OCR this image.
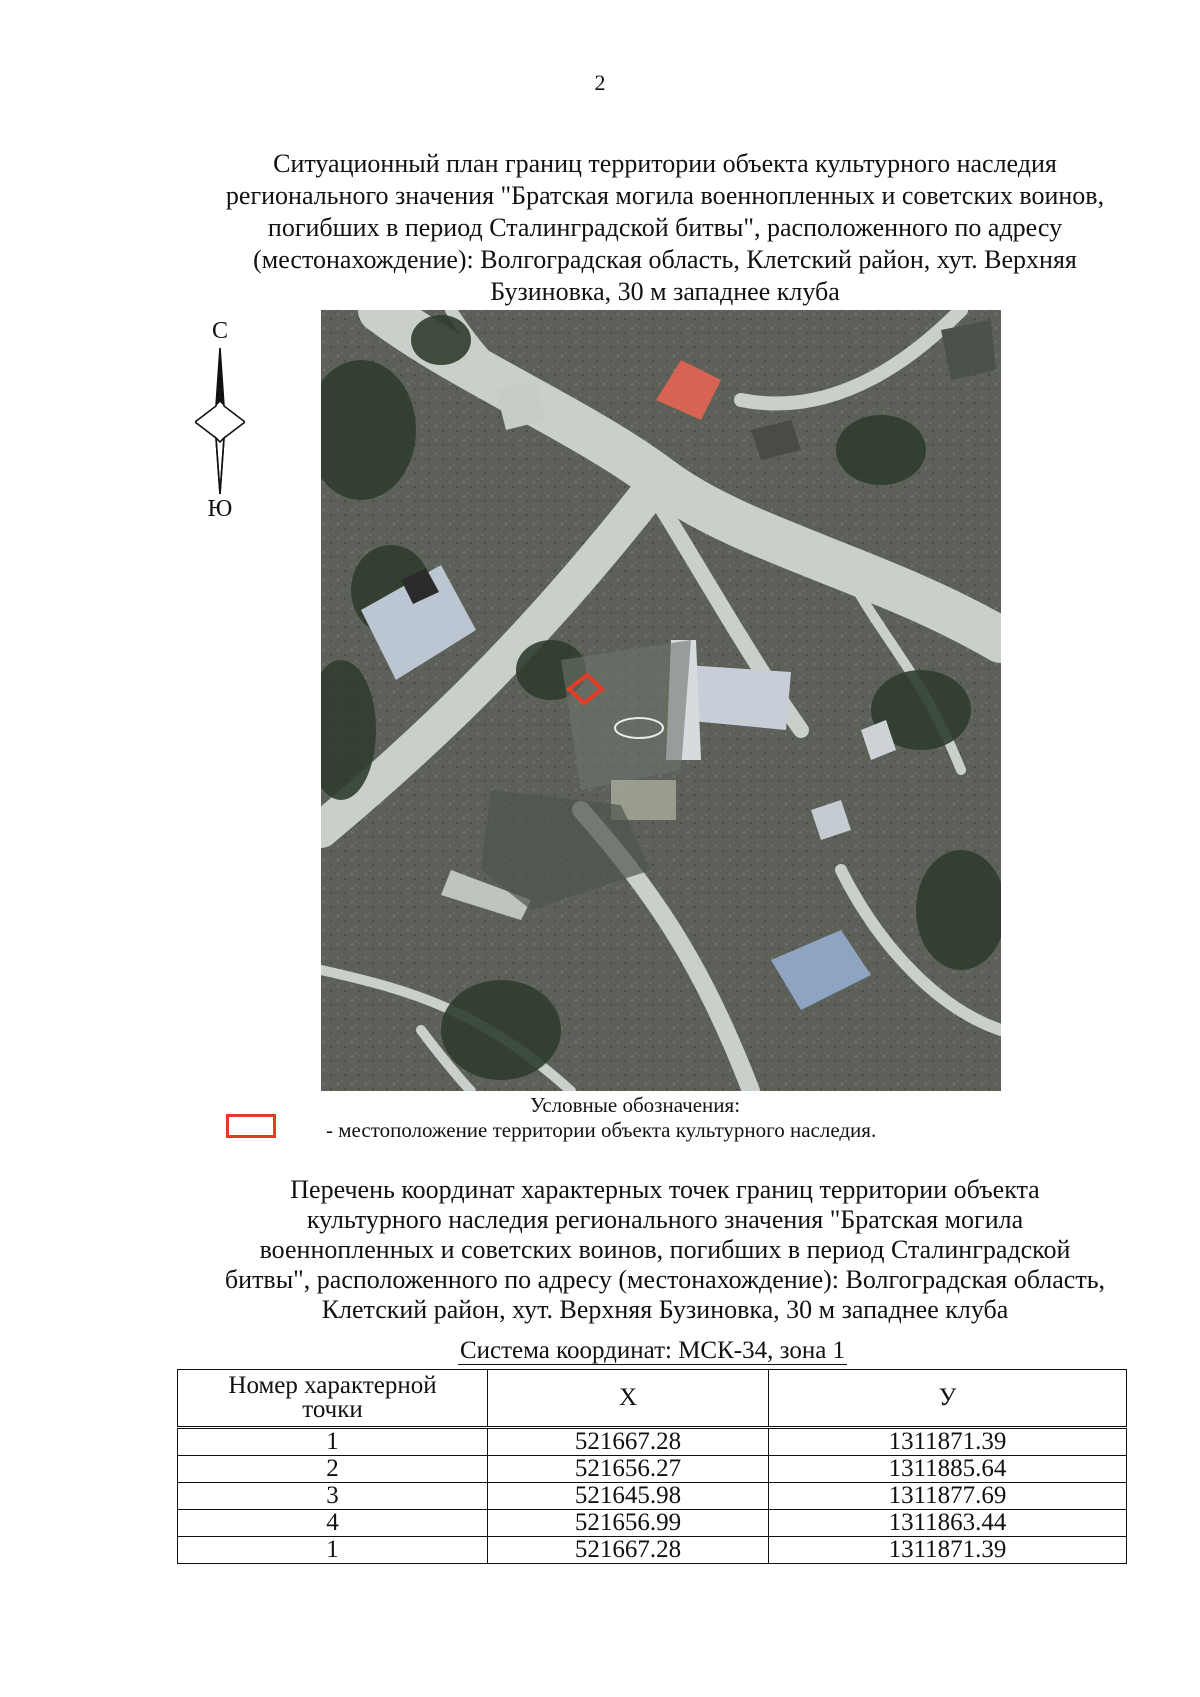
2
Ситуационный план границ территории объекта культурного наследия
регионального значения "Братская могила военнопленных и советских воинов,
погибших в период Сталинградской битвы", расположенного по адресу
(местонахождение): Волгоградская область, Клетский район, хут. Верхняя
Бузиновка, 30 м западнее клуба
С
Ю
Условные обозначения:
- местоположение территории объекта культурного наследия.
Перечень координат характерных точек границ территории объекта
культурного наследия регионального значения "Братская могила
военнопленных и советских воинов, погибших в период Сталинградской
битвы", расположенного по адресу (местонахождение): Волгоградская область,
Клетский район, хут. Верхняя Бузиновка, 30 м западнее клуба
Система координат: МСК-34, зона 1
Номер характерной
точки	X	У
1	521667.28	1311871.39
2	521656.27	1311885.64
3	521645.98	1311877.69
4	521656.99	1311863.44
1	521667.28	1311871.39
